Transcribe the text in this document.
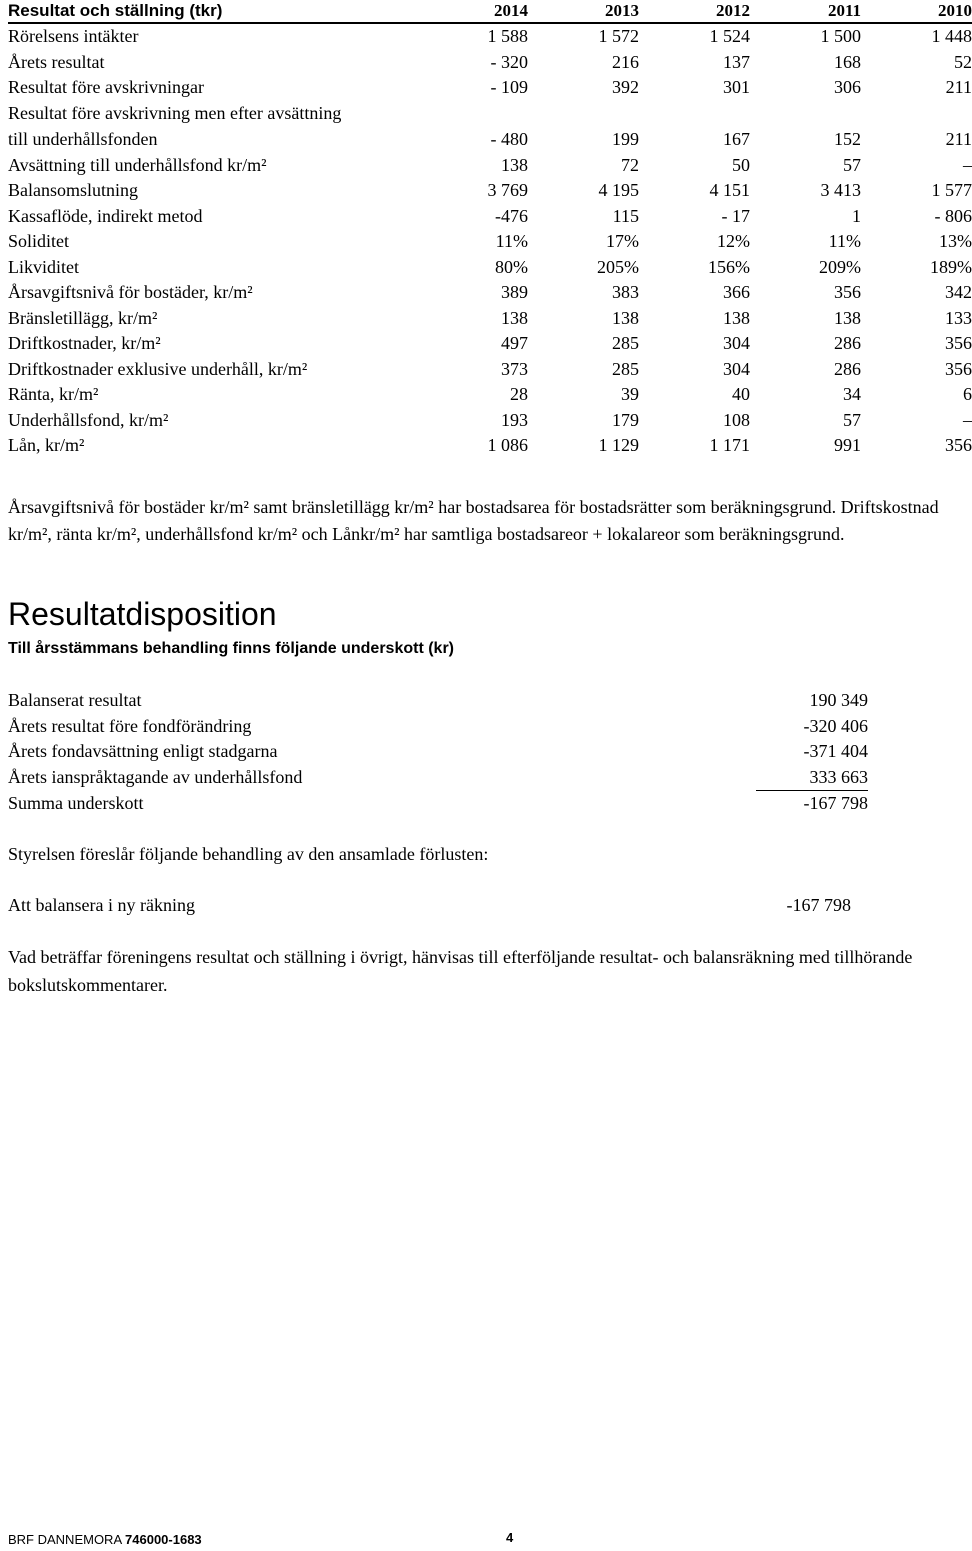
Resultat och ställning (tkr)	2014	2013	2012	2011	2010
Rörelsens intäkter	1 588	1 572	1 524	1 500	1 448
Årets resultat	- 320	216	137	168	52
Resultat före avskrivningar	- 109	392	301	306	211
Resultat före avskrivning men efter avsättning					
till underhållsfonden	- 480	199	167	152	211
Avsättning till underhållsfond kr/m²	138	72	50	57	–
Balansomslutning	3 769	4 195	4 151	3 413	1 577
Kassaflöde, indirekt metod	-476	115	- 17	1	- 806
Soliditet	11%	17%	12%	11%	13%
Likviditet	80%	205%	156%	209%	189%
Årsavgiftsnivå för bostäder, kr/m²	389	383	366	356	342
Bränsletillägg, kr/m²	138	138	138	138	133
Driftkostnader, kr/m²	497	285	304	286	356
Driftkostnader exklusive underhåll, kr/m²	373	285	304	286	356
Ränta, kr/m²	28	39	40	34	6
Underhållsfond, kr/m²	193	179	108	57	–
Lån, kr/m²	1 086	1 129	1 171	991	356

Årsavgiftsnivå för bostäder kr/m² samt bränsletillägg kr/m² har bostadsarea för bostadsrätter som beräkningsgrund. Driftskostnad kr/m², ränta kr/m², underhållsfond kr/m² och Lånkr/m² har samtliga bostadsareor + lokalareor som beräkningsgrund.

Resultatdisposition
Till årsstämmans behandling finns följande underskott (kr)
Balanserat resultat	190 349
Årets resultat före fondförändring	-320 406
Årets fondavsättning enligt stadgarna	-371 404
Årets ianspråktagande av underhållsfond	333 663
Summa underskott	-167 798

Styrelsen föreslår följande behandling av den ansamlade förlusten:

Att balansera i ny räkning	-167 798

Vad beträffar föreningens resultat och ställning i övrigt, hänvisas till efterföljande resultat- och balansräkning med tillhörande bokslutskommentarer.

BRF DANNEMORA 746000-1683	4
